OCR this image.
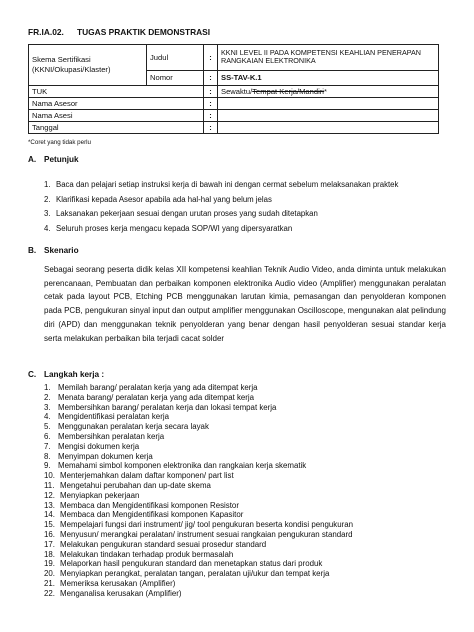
FR.IA.02. TUGAS PRAKTIK DEMONSTRASI
Skema Sertifikasi (KKNI/Okupasi/Klaster)	Judul	:	KKNI LEVEL II PADA KOMPETENSI KEAHLIAN PENERAPAN RANGKAIAN ELEKTRONIKA
	Nomor	:	SS-TAV-K.1
TUK		:	Sewaktu/Tempat Kerja/Mandiri*
Nama Asesor		:	
Nama Asesi		:	
Tanggal		:	
*Coret yang tidak perlu
A. Petunjuk
1. Baca dan pelajari setiap instruksi kerja di bawah ini dengan cermat sebelum melaksanakan praktek
2. Klarifikasi kepada Asesor apabila ada hal-hal yang belum jelas
3. Laksanakan pekerjaan sesuai dengan urutan proses yang sudah ditetapkan
4. Seluruh proses kerja mengacu kepada SOP/WI yang dipersyaratkan
B. Skenario

Sebagai seorang peserta didik kelas XII kompetensi keahlian Teknik Audio Video, anda diminta untuk melakukan perencanaan, Pembuatan dan perbaikan komponen elektronika Audio video (Amplifier) menggunakan peralatan cetak pada layout PCB, Etching PCB menggunakan larutan kimia, pemasangan dan penyolderan komponen pada PCB, pengukuran sinyal input dan output amplifier menggunakan Oscilloscope, mengunakan alat pelindung diri (APD) dan menggunakan teknik penyolderan yang benar dengan hasil penyolderan sesuai standar kerja serta melakukan perbaikan bila terjadi cacat solder

C. Langkah kerja :
1. Memilah barang/ peralatan kerja yang ada ditempat kerja
2. Menata barang/ peralatan kerja yang ada ditempat kerja
3. Membersihkan barang/ peralatan kerja dan lokasi tempat kerja
4. Mengidentifikasi peralatan kerja
5. Menggunakan peralatan kerja secara layak
6. Membersihkan peralatan kerja
7. Mengisi dokumen kerja
8. Menyimpan dokumen kerja
9. Memahami simbol komponen elektronika dan rangkaian kerja skematik
10. Menterjemahkan dalam daftar komponen/ part list
11. Mengetahui perubahan dan up-date skema
12. Menyiapkan pekerjaan
13. Membaca dan Mengidentifikasi komponen Resistor
14. Membaca dan Mengidentifikasi komponen Kapasitor
15. Mempelajari fungsi dari instrument/ jig/ tool pengukuran beserta kondisi pengukuran
16. Menyusun/ merangkai peralatan/ instrument sesuai rangkaian pengukuran standard
17. Melakukan pengukuran standard sesuai prosedur standard
18. Melakukan tindakan terhadap produk bermasalah
19. Melaporkan hasil pengukuran standard dan menetapkan status dari produk
20. Menyiapkan perangkat, peralatan tangan, peralatan uji/ukur dan tempat kerja
21. Memeriksa kerusakan (Amplifier)
22. Menganalisa kerusakan (Amplifier)
